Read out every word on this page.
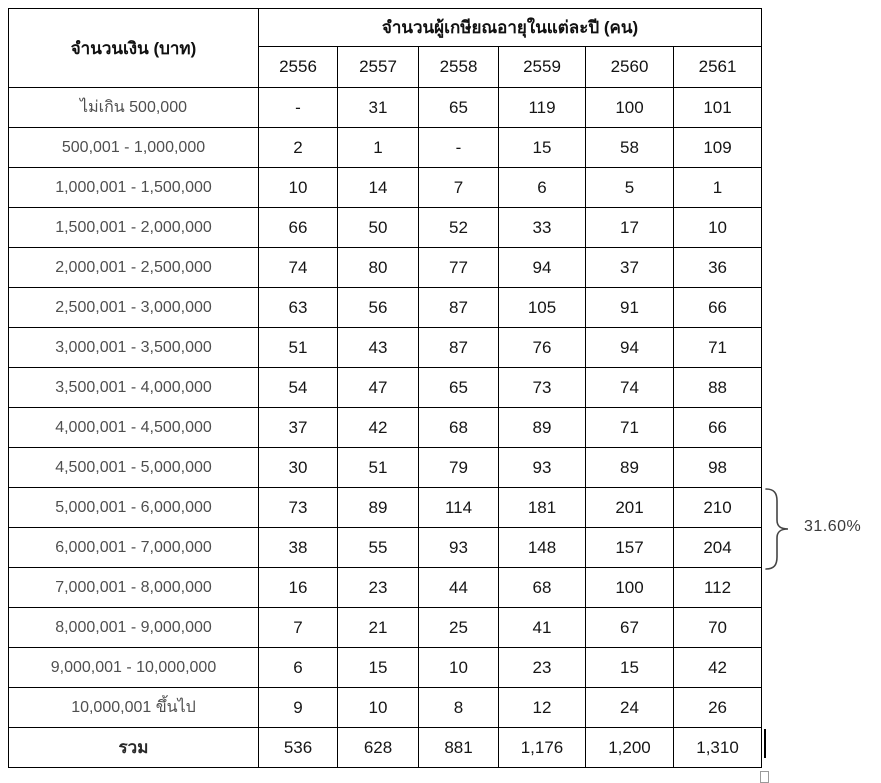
จำนวนเงิน (บาท)	จำนวนผู้เกษียณอายุในแต่ละปี (คน)					
	2556	2557	2558	2559	2560	2561
ไม่เกิน 500,000	-	31	65	119	100	101
500,001 - 1,000,000	2	1	-	15	58	109
1,000,001 - 1,500,000	10	14	7	6	5	1
1,500,001 - 2,000,000	66	50	52	33	17	10
2,000,001 - 2,500,000	74	80	77	94	37	36
2,500,001 - 3,000,000	63	56	87	105	91	66
3,000,001 - 3,500,000	51	43	87	76	94	71
3,500,001 - 4,000,000	54	47	65	73	74	88
4,000,001 - 4,500,000	37	42	68	89	71	66
4,500,001 - 5,000,000	30	51	79	93	89	98
5,000,001 - 6,000,000	73	89	114	181	201	210
6,000,001 - 7,000,000	38	55	93	148	157	204
7,000,001 - 8,000,000	16	23	44	68	100	112
8,000,001 - 9,000,000	7	21	25	41	67	70
9,000,001 - 10,000,000	6	15	10	23	15	42
10,000,001 ขึ้นไป	9	10	8	12	24	26
รวม	536	628	881	1,176	1,200	1,310
31.60%
